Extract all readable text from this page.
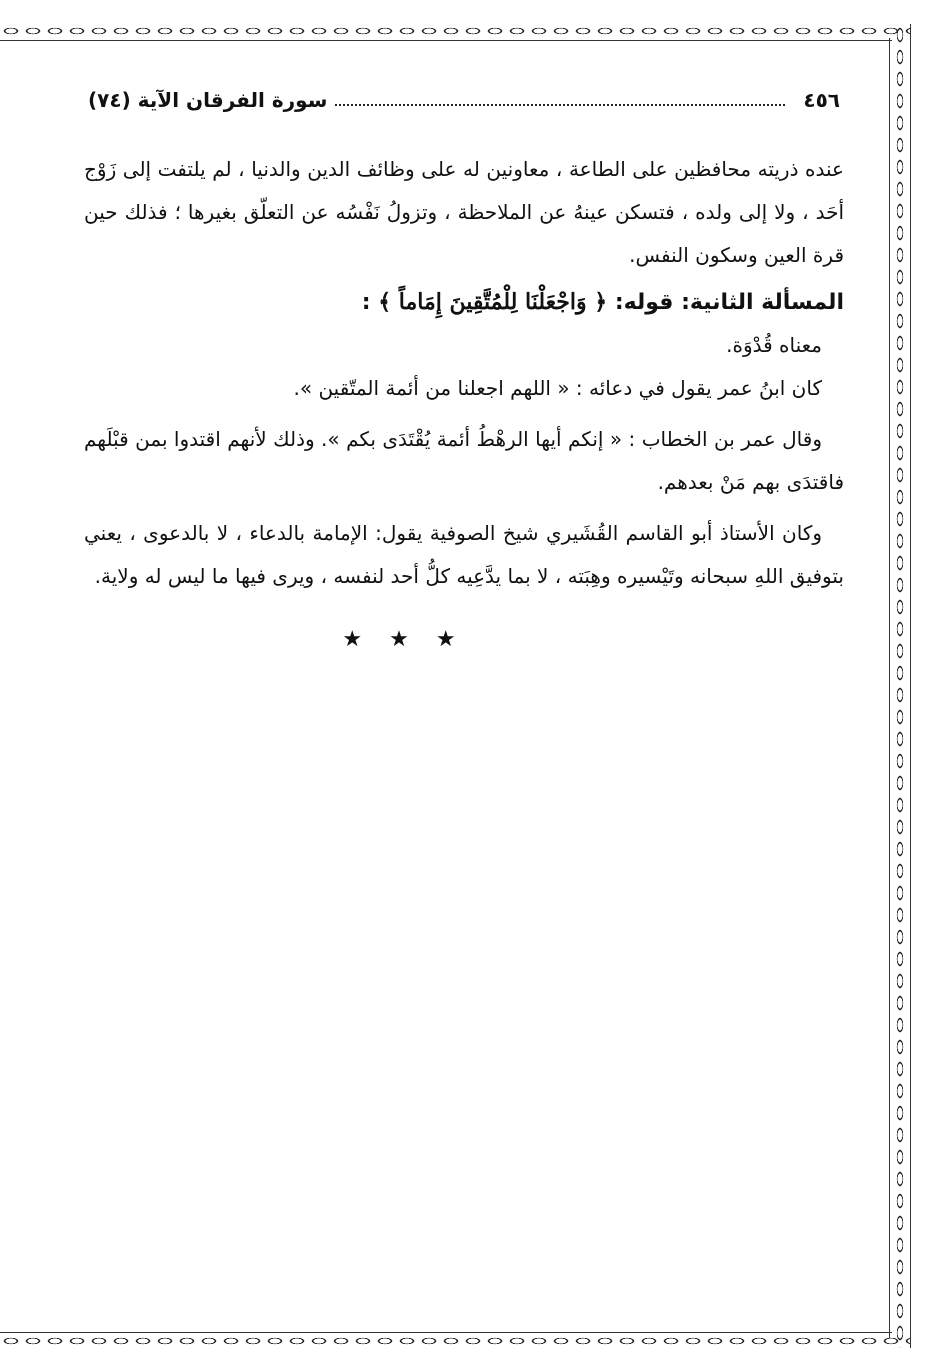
٤٥٦
سورة الفرقان الآية (٧٤)

عنده ذريته محافظين على الطاعة ، معاونين له على وظائف الدين والدنيا ، لم يلتفت إلى زَوْج أحَد ، ولا إلى ولده ، فتسكن عينهُ عن الملاحظة ، وتزولُ نَفْسُه عن التعلّق بغيرها ؛ فذلك حين قرة العين وسكون النفس.

المسألة الثانية: قوله: ﴿ وَاجْعَلْنَا لِلْمُتَّقِينَ إِمَاماً ﴾ :

معناه قُدْوَة.

كان ابنُ عمر يقول في دعائه : « اللهم اجعلنا من أئمة المتّقين ».

وقال عمر بن الخطاب : « إنكم أيها الرهْطُ أئمة يُقْتَدَى بكم ». وذلك لأنهم اقتدوا بمن قبْلَهم فاقتدَى بهم مَنْ بعدهم.

وكان الأستاذ أبو القاسم القُشَيري شيخ الصوفية يقول: الإمامة بالدعاء ، لا بالدعوى ، يعني بتوفيق اللهِ سبحانه وتَيْسيره وهِبَته ، لا بما يدَّعِيه كلُّ أحد لنفسه ، ويرى فيها ما ليس له ولاية.

★ ★ ★
